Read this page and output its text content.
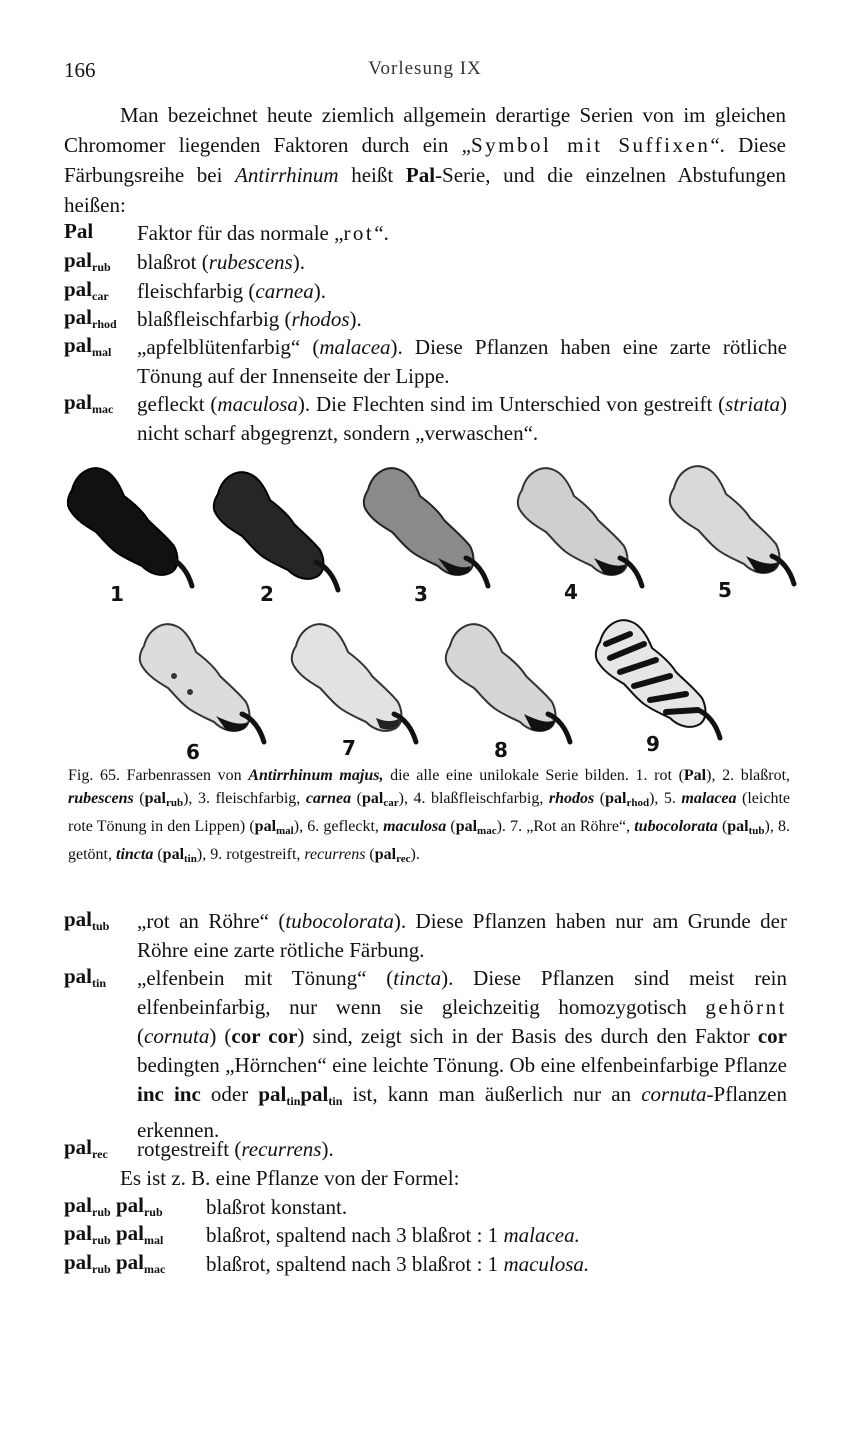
166	Vorlesung IX
Man bezeichnet heute ziemlich allgemein derartige Serien von im gleichen Chromomer liegenden Faktoren durch ein „Symbol mit Suffixen“. Diese Färbungsreihe bei Antirrhinum heißt Pal-Serie, und die einzelnen Abstufungen heißen:
Pal Faktor für das normale „rot“.
pal$_{rub}$ blaßrot (rubescens).
pal$_{car}$ fleischfarbig (carnea).
pal$_{rhod}$ blaßfleischfarbig (rhodos).
pal$_{mal}$ „apfelblütenfarbig“ (malacea). Diese Pflanzen haben eine zarte rötliche Tönung auf der Innenseite der Lippe.
pal$_{mac}$ gefleckt (maculosa). Die Flechten sind im Unterschied von gestreift (striata) nicht scharf abgegrenzt, sondern „verwaschen“.
1	2	3	4	5
6	7	8	9
Fig. 65. Farbenrassen von Antirrhinum majus, die alle eine unilokale Serie bilden. 1. rot (Pal), 2. blaßrot, rubescens (pal$_{rub}$), 3. fleischfarbig, carnea (pal$_{car}$), 4. blaßfleischfarbig, rhodos (pal$_{rhod}$), 5. malacea (leichte rote Tönung in den Lippen) (pal$_{mal}$), 6. gefleckt, maculosa (pal$_{mac}$). 7. „Rot an Röhre“, tubocolorata (pal$_{tub}$), 8. getönt, tincta (pal$_{tin}$), 9. rotgestreift, recurrens (pal$_{rec}$).
pal$_{tub}$ „rot an Röhre“ (tubocolorata). Diese Pflanzen haben nur am Grunde der Röhre eine zarte rötliche Färbung.
pal$_{tin}$ „elfenbein mit Tönung“ (tincta). Diese Pflanzen sind meist rein elfenbeinfarbig, nur wenn sie gleichzeitig homozygotisch gehörnt (cornuta) (cor cor) sind, zeigt sich in der Basis des durch den Faktor cor bedingten „Hörnchen“ eine leichte Tönung. Ob eine elfenbeinfarbige Pflanze inc inc oder pal$_{tin}$pal$_{tin}$ ist, kann man äußerlich nur an cornuta-Pflanzen erkennen.
pal$_{rec}$ rotgestreift (recurrens).
Es ist z. B. eine Pflanze von der Formel:
pal$_{rub}$ pal$_{rub}$ blaßrot konstant.
pal$_{rub}$ pal$_{mal}$ blaßrot, spaltend nach 3 blaßrot : 1 malacea.
pal$_{rub}$ pal$_{mac}$ blaßrot, spaltend nach 3 blaßrot : 1 maculosa.
